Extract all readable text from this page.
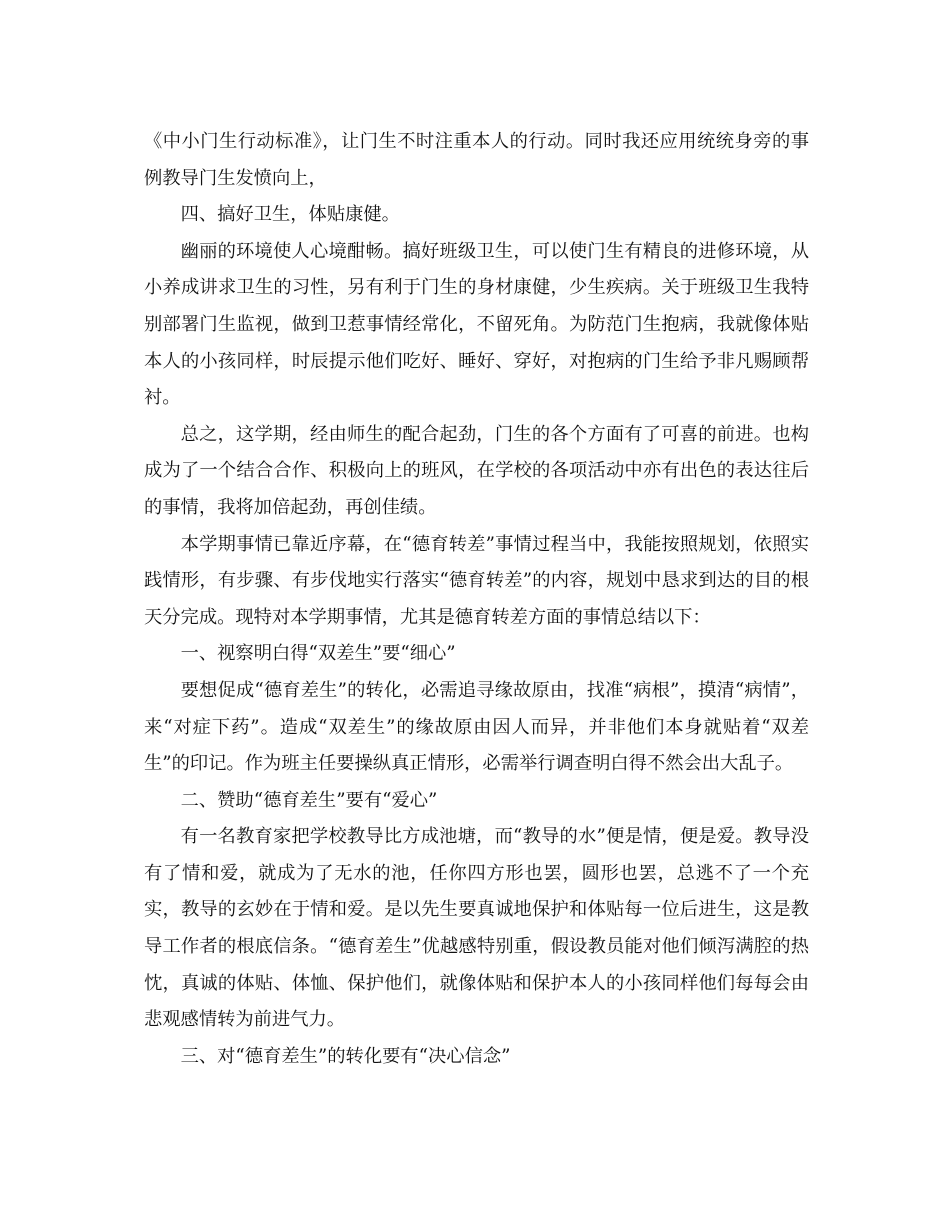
《中小门生行动标准》，让门生不时注重本人的行动。同时我还应用统统身旁的事例教导门生发愤向上，

四、搞好卫生，体贴康健。

幽丽的环境使人心境酣畅。搞好班级卫生，可以使门生有精良的进修环境，从小养成讲求卫生的习性，另有利于门生的身材康健，少生疾病。关于班级卫生我特别部署门生监视，做到卫惹事情经常化，不留死角。为防范门生抱病，我就像体贴本人的小孩同样，时辰提示他们吃好、睡好、穿好，对抱病的门生给予非凡赐顾帮衬。

总之，这学期，经由师生的配合起劲，门生的各个方面有了可喜的前进。也构成为了一个结合合作、积极向上的班风，在学校的各项活动中亦有出色的表达往后的事情，我将加倍起劲，再创佳绩。

本学期事情已靠近序幕，在“德育转差”事情过程当中，我能按照规划，依照实践情形，有步骤、有步伐地实行落实“德育转差”的内容，规划中恳求到达的目的根天分完成。现特对本学期事情，尤其是德育转差方面的事情总结以下：

一、视察明白得“双差生”要“细心”

要想促成“德育差生”的转化，必需追寻缘故原由，找准“病根”，摸清“病情”，来“对症下药”。造成“双差生”的缘故原由因人而异，并非他们本身就贴着“双差生”的印记。作为班主任要操纵真正情形，必需举行调查明白得不然会出大乱子。

二、赞助“德育差生”要有“爱心”

有一名教育家把学校教导比方成池塘，而“教导的水”便是情，便是爱。教导没有了情和爱，就成为了无水的池，任你四方形也罢，圆形也罢，总逃不了一个充实，教导的玄妙在于情和爱。是以先生要真诚地保护和体贴每一位后进生，这是教导工作者的根底信条。“德育差生”优越感特别重，假设教员能对他们倾泻满腔的热忱，真诚的体贴、体恤、保护他们，就像体贴和保护本人的小孩同样他们每每会由悲观感情转为前进气力。

三、对“德育差生”的转化要有“决心信念”
